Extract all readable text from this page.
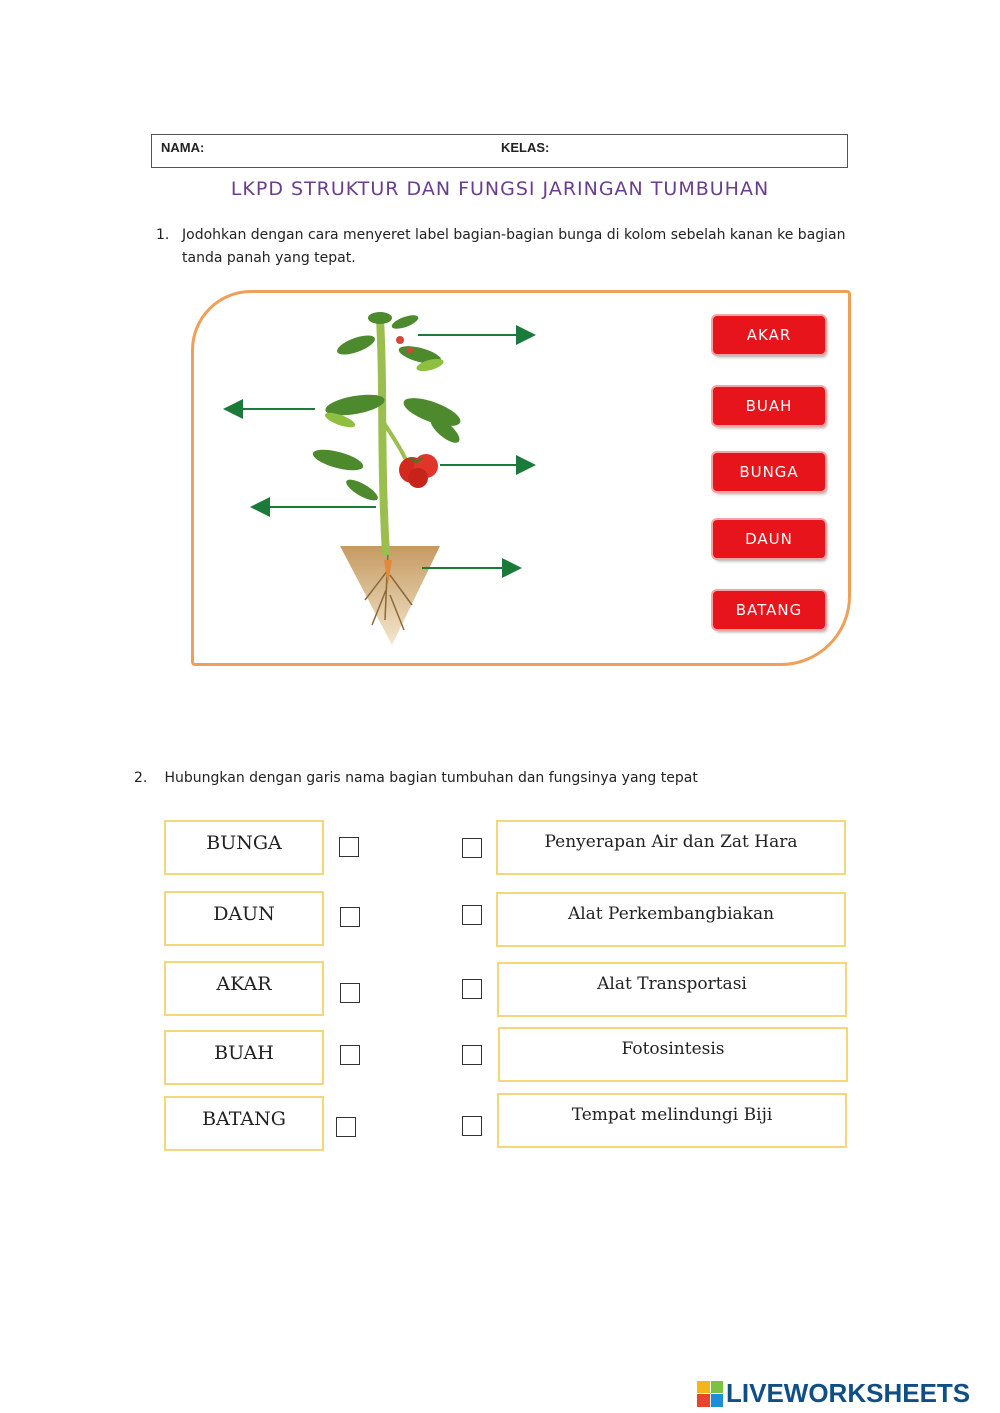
NAMA:	KELAS:
LKPD STRUKTUR DAN FUNGSI JARINGAN TUMBUHAN
1. Jodohkan dengan cara menyeret label bagian-bagian bunga di kolom sebelah kanan ke bagian tanda panah yang tepat.
AKAR
BUAH
BUNGA
DAUN
BATANG
2. Hubungkan dengan garis nama bagian tumbuhan dan fungsinya yang tepat
BUNGA
DAUN
AKAR
BUAH
BATANG
Penyerapan Air dan Zat Hara
Alat Perkembangbiakan
Alat Transportasi
Fotosintesis
Tempat melindungi Biji
LIVEWORKSHEETS
